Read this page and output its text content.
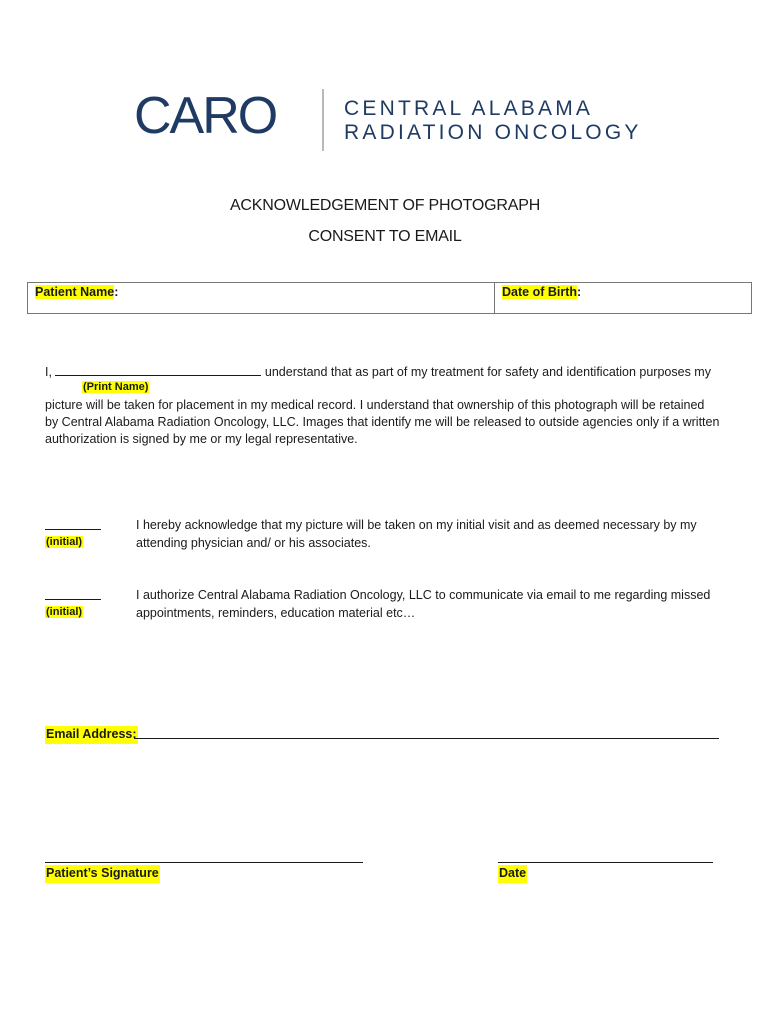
CARO	CENTRAL ALABAMA
RADIATION ONCOLOGY
ACKNOWLEDGEMENT OF PHOTOGRAPH
CONSENT TO EMAIL
Patient Name:	Date of Birth:
I,	understand that as part of my treatment for safety and identification purposes my
(Print Name)
picture will be taken for placement in my medical record. I understand that ownership of this photograph will be retained
by Central Alabama Radiation Oncology, LLC. Images that identify me will be released to outside agencies only if a written
authorization is signed by me or my legal representative.
(initial)
I hereby acknowledge that my picture will be taken on my initial visit and as deemed necessary by my
attending physician and/ or his associates.
(initial)
I authorize Central Alabama Radiation Oncology, LLC to communicate via email to me regarding missed
appointments, reminders, education material etc…
Email Address:
Patient’s Signature	Date
